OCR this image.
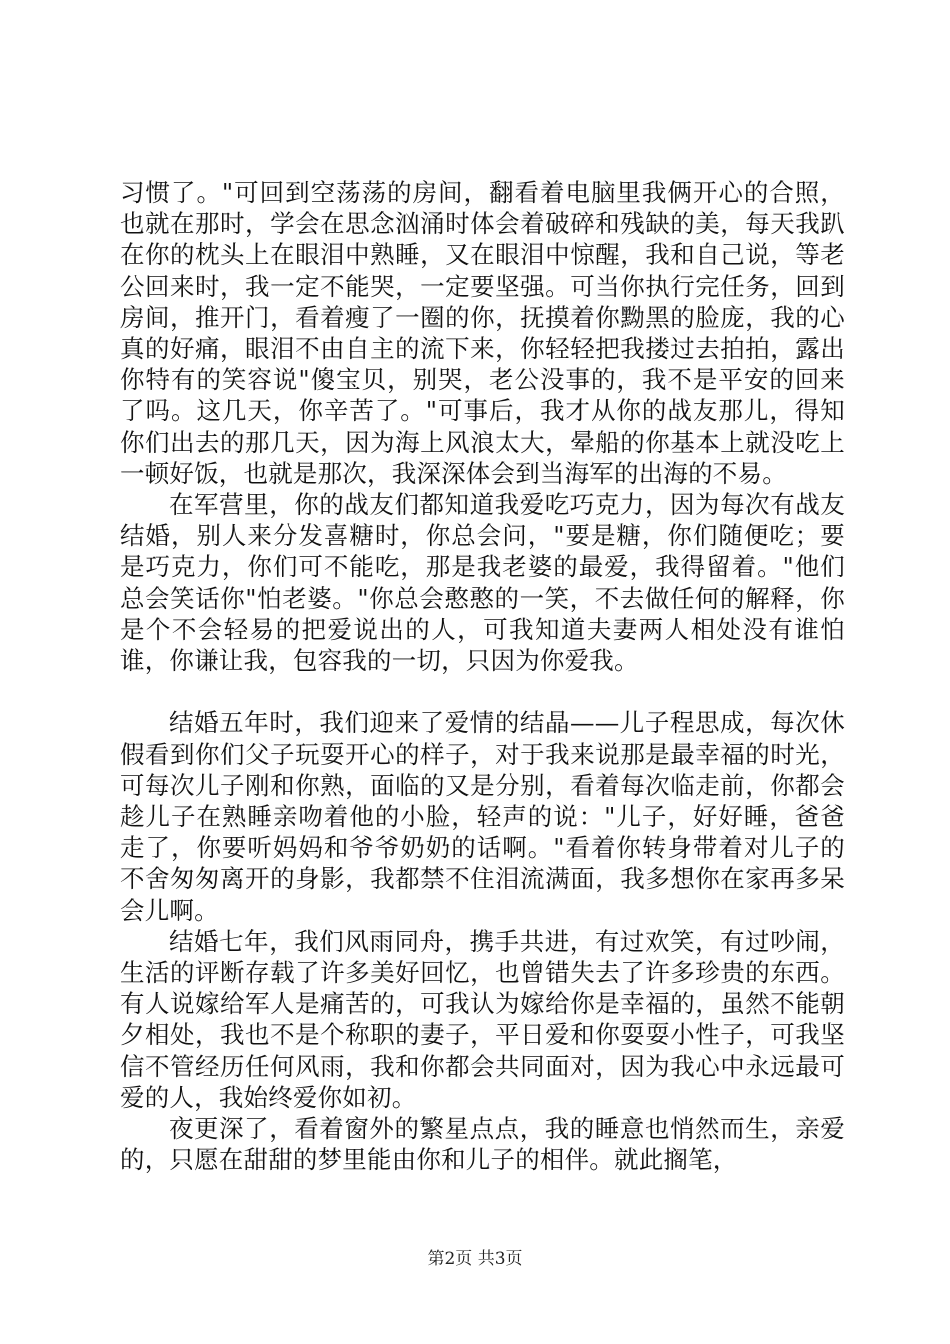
习惯了。"可回到空荡荡的房间，翻看着电脑里我俩开心的合照，也就在那时，学会在思念汹涌时体会着破碎和残缺的美，每天我趴在你的枕头上在眼泪中熟睡，又在眼泪中惊醒，我和自己说，等老公回来时，我一定不能哭，一定要坚强。可当你执行完任务，回到房间，推开门，看着瘦了一圈的你，抚摸着你黝黑的脸庞，我的心真的好痛，眼泪不由自主的流下来，你轻轻把我搂过去拍拍，露出你特有的笑容说"傻宝贝，别哭，老公没事的，我不是平安的回来了吗。这几天，你辛苦了。"可事后，我才从你的战友那儿，得知你们出去的那几天，因为海上风浪太大，晕船的你基本上就没吃上一顿好饭，也就是那次，我深深体会到当海军的出海的不易。

在军营里，你的战友们都知道我爱吃巧克力，因为每次有战友结婚，别人来分发喜糖时，你总会问，"要是糖，你们随便吃；要是巧克力，你们可不能吃，那是我老婆的最爱，我得留着。"他们总会笑话你"怕老婆。"你总会憨憨的一笑，不去做任何的解释，你是个不会轻易的把爱说出的人，可我知道夫妻两人相处没有谁怕谁，你谦让我，包容我的一切，只因为你爱我。

结婚五年时，我们迎来了爱情的结晶——儿子程思成，每次休假看到你们父子玩耍开心的样子，对于我来说那是最幸福的时光，可每次儿子刚和你熟，面临的又是分别，看着每次临走前，你都会趁儿子在熟睡亲吻着他的小脸，轻声的说："儿子，好好睡，爸爸走了，你要听妈妈和爷爷奶奶的话啊。"看着你转身带着对儿子的不舍匆匆离开的身影，我都禁不住泪流满面，我多想你在家再多呆会儿啊。

结婚七年，我们风雨同舟，携手共进，有过欢笑，有过吵闹，生活的评断存载了许多美好回忆，也曾错失去了许多珍贵的东西。有人说嫁给军人是痛苦的，可我认为嫁给你是幸福的，虽然不能朝夕相处，我也不是个称职的妻子，平日爱和你耍耍小性子，可我坚信不管经历任何风雨，我和你都会共同面对，因为我心中永远最可爱的人，我始终爱你如初。

夜更深了，看着窗外的繁星点点，我的睡意也悄然而生，亲爱的，只愿在甜甜的梦里能由你和儿子的相伴。就此搁笔，

第2页 共3页
